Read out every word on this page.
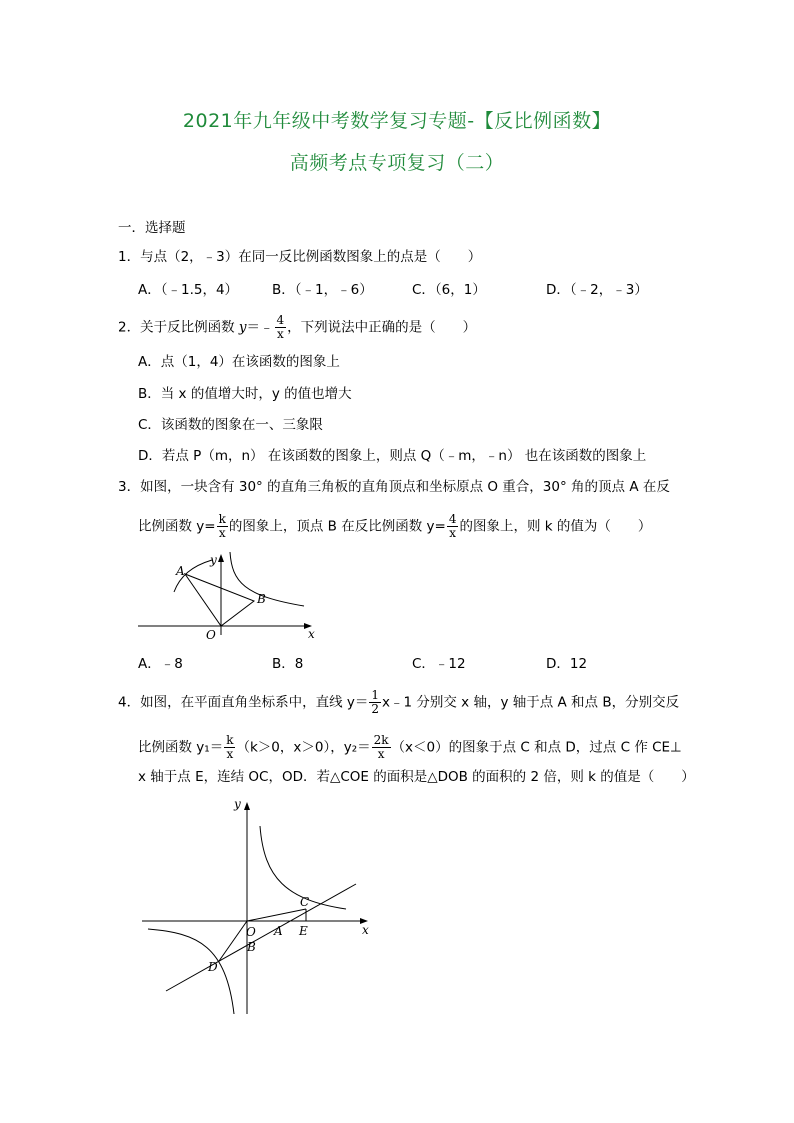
2021年九年级中考数学复习专题-【反比例函数】
高频考点专项复习（二）
一．选择题
1．与点（2，﹣3）在同一反比例函数图象上的点是（　　）
A．（﹣1.5，4）	B．（﹣1，﹣6）	C．（6，1）	D．（﹣2，﹣3）
2．关于反比例函数 y＝﹣ $\frac{4}{x}$ ，下列说法中正确的是（　　）
A．点（1，4）在该函数的图象上
B．当 x 的值增大时，y 的值也增大
C．该函数的图象在一、三象限
D．若点 P（m，n） 在该函数的图象上，则点 Q（﹣m，﹣n） 也在该函数的图象上
3．如图，一块含有 30° 的直角三角板的直角顶点和坐标原点 O 重合，30° 角的顶点 A 在反
比例函数 $y= \frac{k}{x}$ 的图象上，顶点 B 在反比例函数 $y= \frac{4}{x}$ 的图象上，则 k 的值为（　　）
A
B
O	x
y
A．﹣8	B．8	C．﹣12	D．12
4．如图，在平面直角坐标系中，直线 $y= \frac{1}{2}$ x﹣1 分别交 x 轴，y 轴于点 A 和点 B，分别交反
比例函数 $y_1= \frac{k}{x} (k>0$，x＞0），$y_2= \frac{2k}{x} (x<0)$的图象于点 C 和点 D，过点 C 作 CE⊥
x 轴于点 E，连结 OC，OD．若△COE 的面积是△DOB 的面积的 2 倍，则 k 的值是（　　）
C
D
O A E
B
x
y
